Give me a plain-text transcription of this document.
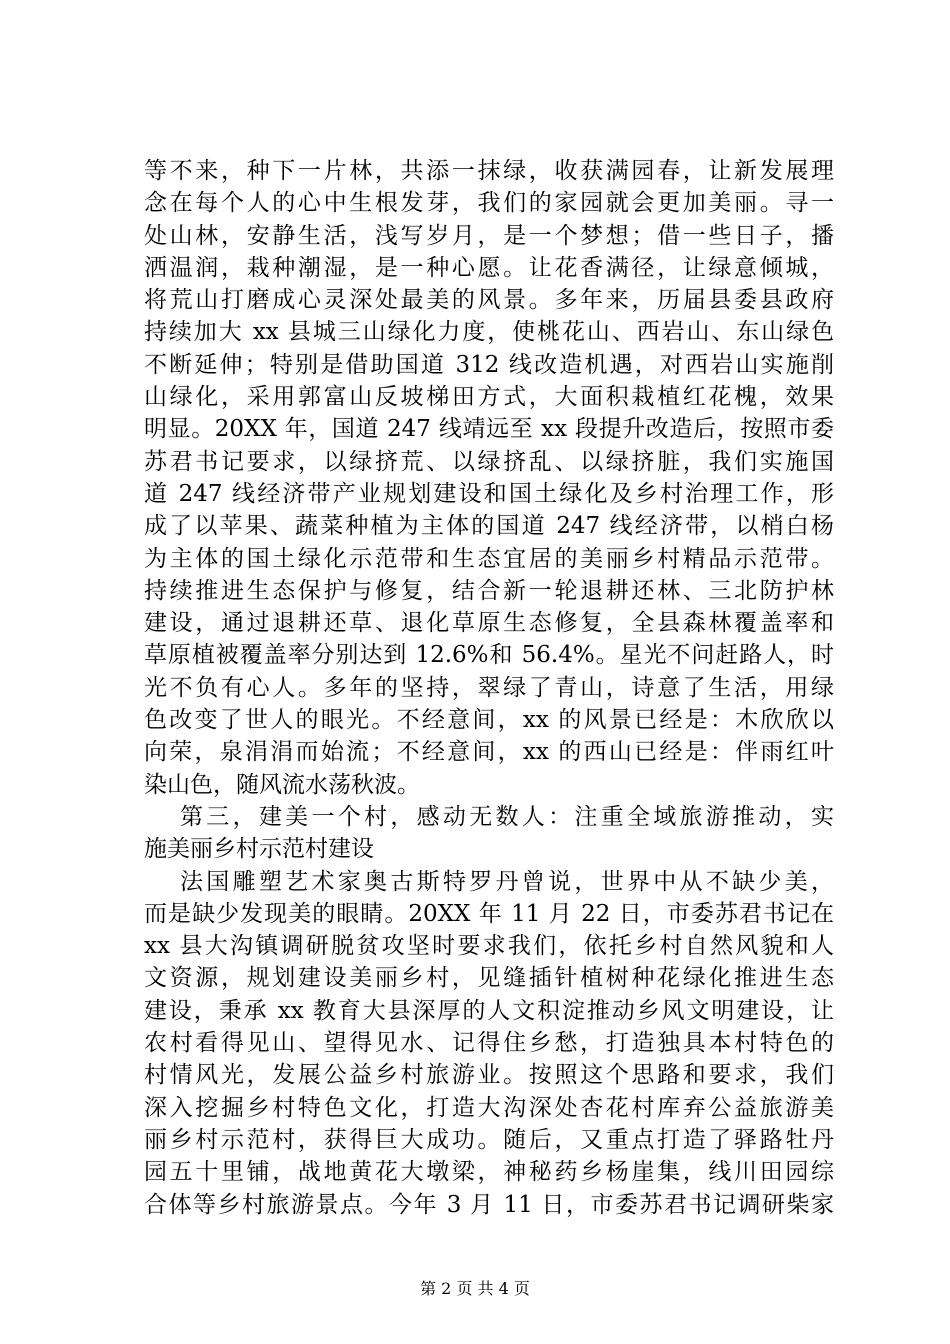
等不来，种下一片林，共添一抹绿，收获满园春，让新发展理
念在每个人的心中生根发芽，我们的家园就会更加美丽。寻一
处山林，安静生活，浅写岁月，是一个梦想；借一些日子，播
洒温润，栽种潮湿，是一种心愿。让花香满径，让绿意倾城，
将荒山打磨成心灵深处最美的风景。多年来，历届县委县政府
持续加大 xx 县城三山绿化力度，使桃花山、西岩山、东山绿色
不断延伸；特别是借助国道 312 线改造机遇，对西岩山实施削
山绿化，采用郭富山反坡梯田方式，大面积栽植红花槐，效果
明显。20XX 年，国道 247 线靖远至 xx 段提升改造后，按照市委
苏君书记要求，以绿挤荒、以绿挤乱、以绿挤脏，我们实施国
道 247 线经济带产业规划建设和国土绿化及乡村治理工作，形
成了以苹果、蔬菜种植为主体的国道 247 线经济带，以梢白杨
为主体的国土绿化示范带和生态宜居的美丽乡村精品示范带。
持续推进生态保护与修复，结合新一轮退耕还林、三北防护林
建设，通过退耕还草、退化草原生态修复，全县森林覆盖率和
草原植被覆盖率分别达到 12.6%和 56.4%。星光不问赶路人，时
光不负有心人。多年的坚持，翠绿了青山，诗意了生活，用绿
色改变了世人的眼光。不经意间，xx 的风景已经是：木欣欣以
向荣，泉涓涓而始流；不经意间，xx 的西山已经是：伴雨红叶
染山色，随风流水荡秋波。
第三，建美一个村，感动无数人：注重全域旅游推动，实
施美丽乡村示范村建设
法国雕塑艺术家奥古斯特罗丹曾说，世界中从不缺少美，
而是缺少发现美的眼睛。20XX 年 11 月 22 日，市委苏君书记在
xx 县大沟镇调研脱贫攻坚时要求我们，依托乡村自然风貌和人
文资源，规划建设美丽乡村，见缝插针植树种花绿化推进生态
建设，秉承 xx 教育大县深厚的人文积淀推动乡风文明建设，让
农村看得见山、望得见水、记得住乡愁，打造独具本村特色的
村情风光，发展公益乡村旅游业。按照这个思路和要求，我们
深入挖掘乡村特色文化，打造大沟深处杏花村库弃公益旅游美
丽乡村示范村，获得巨大成功。随后，又重点打造了驿路牡丹
园五十里铺，战地黄花大墩梁，神秘药乡杨崖集，线川田园综
合体等乡村旅游景点。今年 3 月 11 日，市委苏君书记调研柴家
第 2 页 共 4 页
